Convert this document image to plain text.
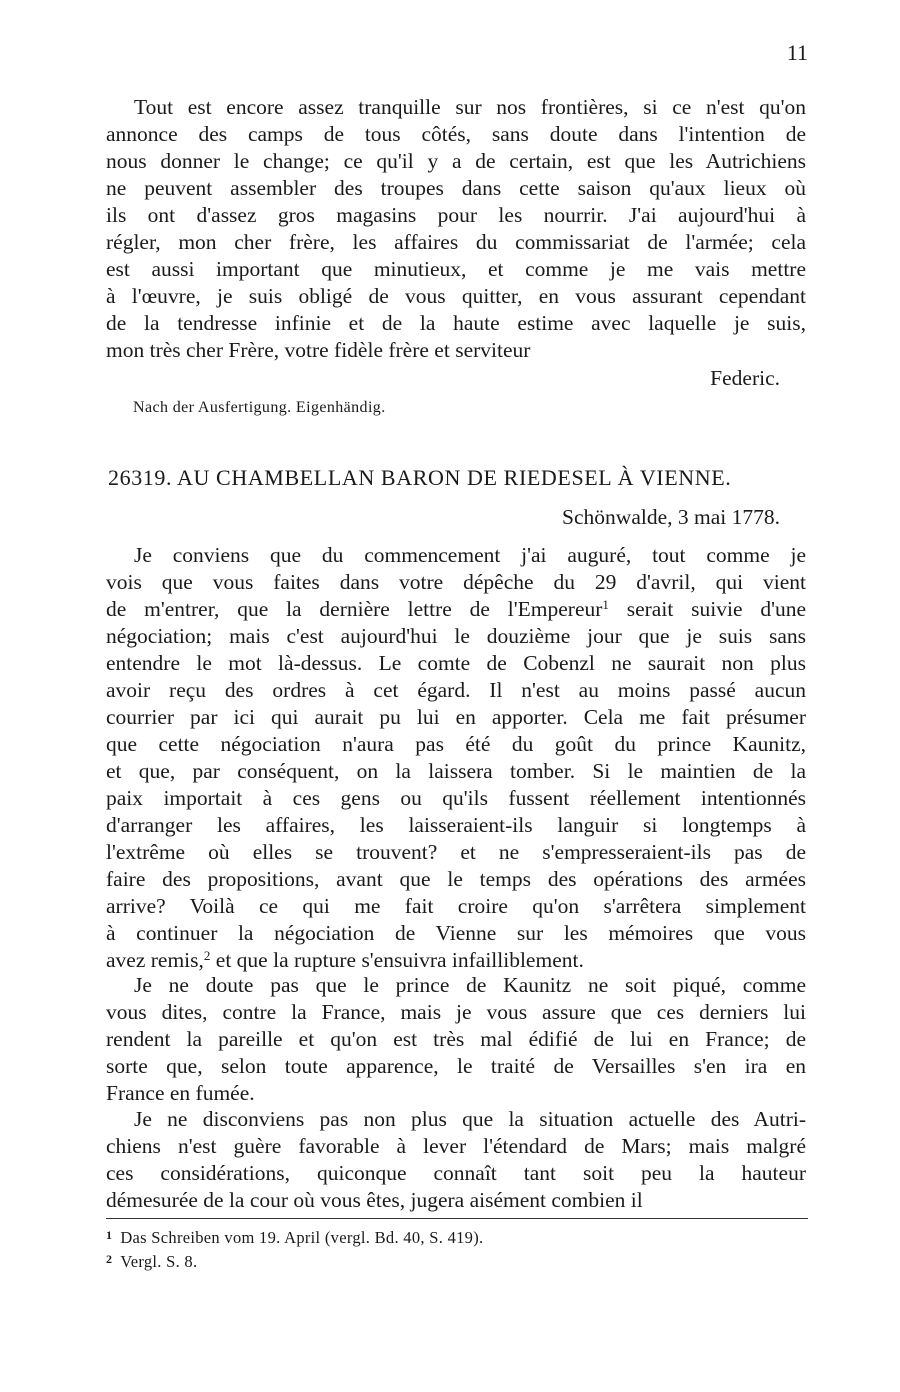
11
Tout est encore assez tranquille sur nos frontières, si ce n'est qu'on
annonce des camps de tous côtés, sans doute dans l'intention de
nous donner le change; ce qu'il y a de certain, est que les Autrichiens
ne peuvent assembler des troupes dans cette saison qu'aux lieux où
ils ont d'assez gros magasins pour les nourrir. J'ai aujourd'hui à
régler, mon cher frère, les affaires du commissariat de l'armée; cela
est aussi important que minutieux, et comme je me vais mettre
à l'œuvre, je suis obligé de vous quitter, en vous assurant cependant
de la tendresse infinie et de la haute estime avec laquelle je suis,
mon très cher Frère, votre fidèle frère et serviteur
Federic.
Nach der Ausfertigung. Eigenhändig.
26319. AU CHAMBELLAN BARON DE RIEDESEL À VIENNE.
Schönwalde, 3 mai 1778.
Je conviens que du commencement j'ai auguré, tout comme je
vois que vous faites dans votre dépêche du 29 d'avril, qui vient
de m'entrer, que la dernière lettre de l'Empereur$^1$ serait suivie d'une
négociation; mais c'est aujourd'hui le douzième jour que je suis sans
entendre le mot là-dessus. Le comte de Cobenzl ne saurait non plus
avoir reçu des ordres à cet égard. Il n'est au moins passé aucun
courrier par ici qui aurait pu lui en apporter. Cela me fait présumer
que cette négociation n'aura pas été du goût du prince Kaunitz,
et que, par conséquent, on la laissera tomber. Si le maintien de la
paix importait à ces gens ou qu'ils fussent réellement intentionnés
d'arranger les affaires, les laisseraient-ils languir si longtemps à
l'extrême où elles se trouvent? et ne s'empresseraient-ils pas de
faire des propositions, avant que le temps des opérations des armées
arrive? Voilà ce qui me fait croire qu'on s'arrêtera simplement
à continuer la négociation de Vienne sur les mémoires que vous
avez remis,$^2$ et que la rupture s'ensuivra infailliblement.
Je ne doute pas que le prince de Kaunitz ne soit piqué, comme
vous dites, contre la France, mais je vous assure que ces derniers lui
rendent la pareille et qu'on est très mal édifié de lui en France; de
sorte que, selon toute apparence, le traité de Versailles s'en ira en
France en fumée.
Je ne disconviens pas non plus que la situation actuelle des Autri-
chiens n'est guère favorable à lever l'étendard de Mars; mais malgré
ces considérations, quiconque connaît tant soit peu la hauteur
démesurée de la cour où vous êtes, jugera aisément combien il
$^1$ Das Schreiben vom 19. April (vergl. Bd. 40, S. 419).
$^2$ Vergl. S. 8.
